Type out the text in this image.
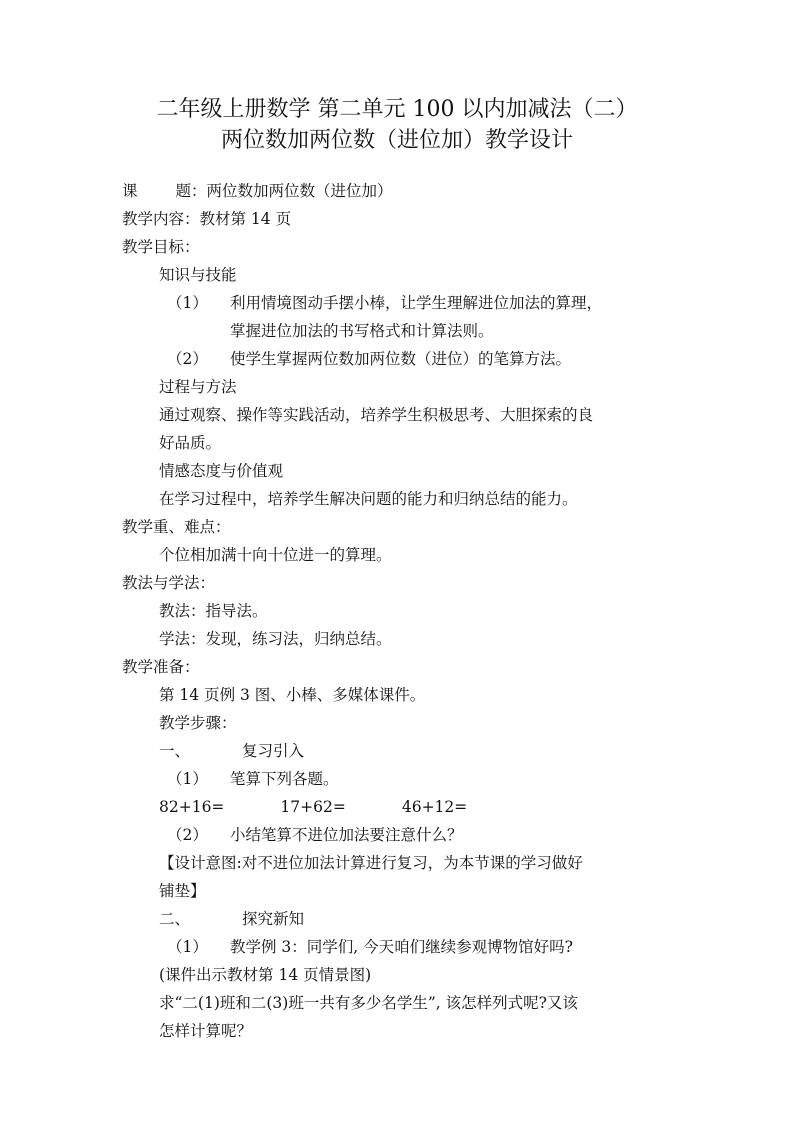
二年级上册数学 第二单元 100 以内加减法（二）
两位数加两位数（进位加）教学设计
课 题：两位数加两位数（进位加）
教学内容：教材第 14 页
教学目标：
知识与技能
（1） 利用情境图动手摆小棒，让学生理解进位加法的算理，
掌握进位加法的书写格式和计算法则。
（2） 使学生掌握两位数加两位数（进位）的笔算方法。
过程与方法
通过观察、操作等实践活动，培养学生积极思考、大胆探索的良
好品质。
情感态度与价值观
在学习过程中，培养学生解决问题的能力和归纳总结的能力。
教学重、难点：
个位相加满十向十位进一的算理。
教法与学法：
教法：指导法。
学法：发现，练习法，归纳总结。
教学准备：
第 14 页例 3 图、小棒、多媒体课件。
教学步骤：
一、	复习引入
（1） 笔算下列各题。
82+16=	17+62=	46+12=
（2） 小结笔算不进位加法要注意什么？
【设计意图:对不进位加法计算进行复习，为本节课的学习做好
铺垫】
二、	探究新知
（1） 教学例 3：同学们, 今天咱们继续参观博物馆好吗?
(课件出示教材第 14 页情景图)
求“二(1)班和二(3)班一共有多少名学生”, 该怎样列式呢?又该
怎样计算呢？
